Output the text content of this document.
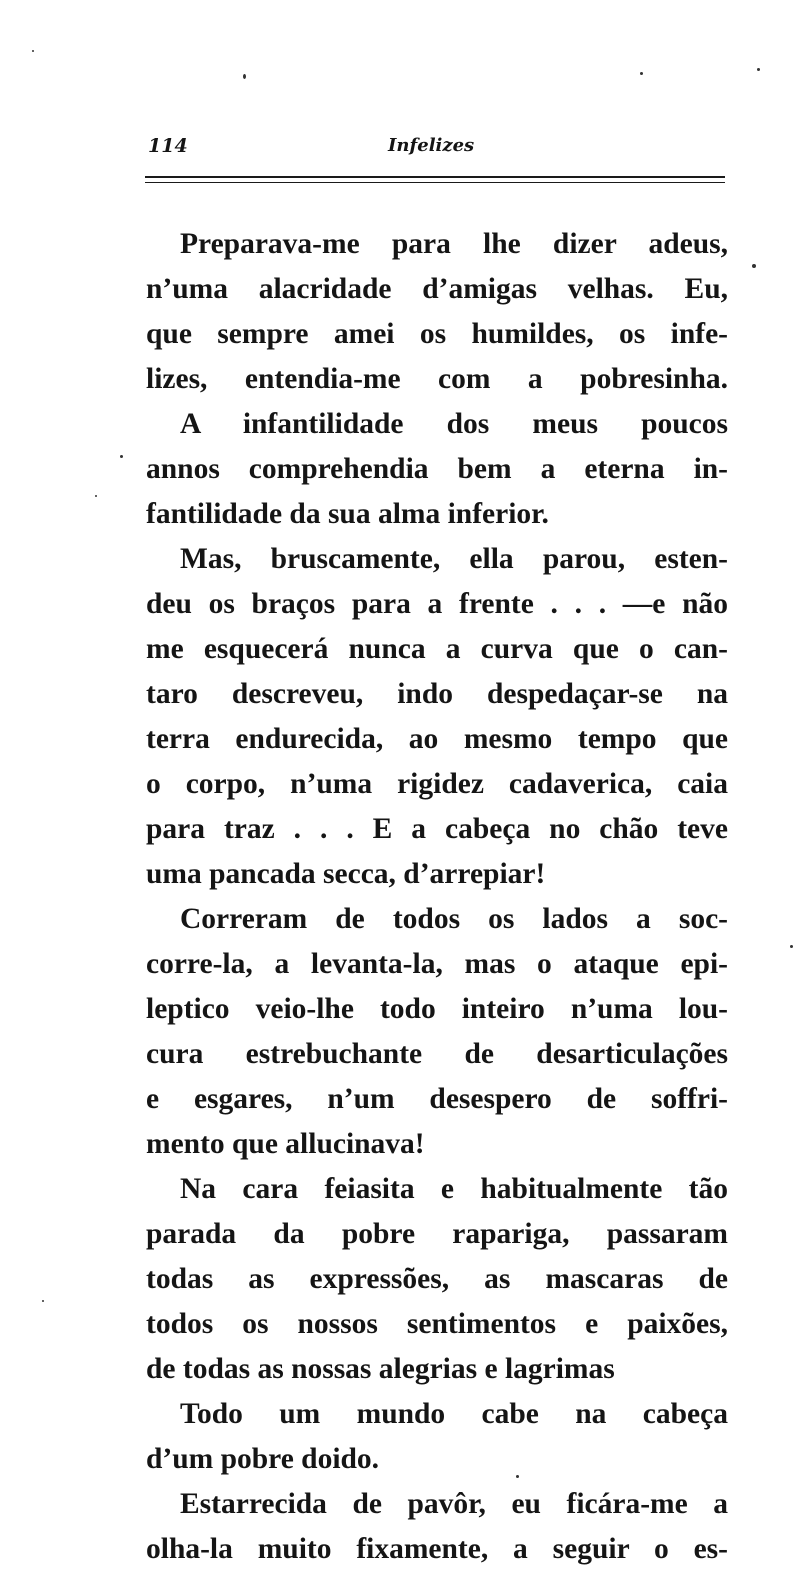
114	Infelizes
Preparava-me para lhe dizer adeus,
n’uma alacridade d’amigas velhas. Eu,
que sempre amei os humildes, os infe-
lizes, entendia-me com a pobresinha.
A infantilidade dos meus poucos
annos comprehendia bem a eterna in-
fantilidade da sua alma inferior.
Mas, bruscamente, ella parou, esten-
deu os braços para a frente . . . —e não
me esquecerá nunca a curva que o can-
taro descreveu, indo despedaçar-se na
terra endurecida, ao mesmo tempo que
o corpo, n’uma rigidez cadaverica, caia
para traz . . . E a cabeça no chão teve
uma pancada secca, d’arrepiar!
Correram de todos os lados a soc-
corre-la, a levanta-la, mas o ataque epi-
leptico veio-lhe todo inteiro n’uma lou-
cura estrebuchante de desarticulações
e esgares, n’um desespero de soffri-
mento que allucinava!
Na cara feiasita e habitualmente tão
parada da pobre rapariga, passaram
todas as expressões, as mascaras de
todos os nossos sentimentos e paixões,
de todas as nossas alegrias e lagrimas
Todo um mundo cabe na cabeça
d’um pobre doido.
Estarrecida de pavôr, eu ficára-me a
olha-la muito fixamente, a seguir o es-
